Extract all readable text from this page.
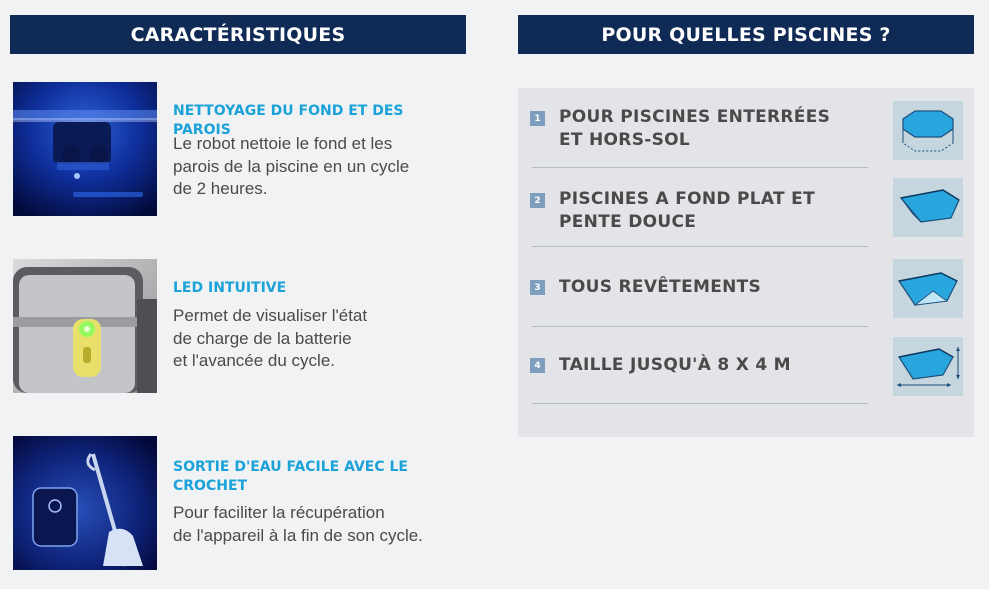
CARACTÉRISTIQUES	POUR QUELLES PISCINES ?
NETTOYAGE DU FOND ET DES PAROIS
Le robot nettoie le fond et les
parois de la piscine en un cycle
de 2 heures.
LED INTUITIVE
Permet de visualiser l'état
de charge de la batterie
et l'avancée du cycle.
SORTIE D'EAU FACILE AVEC LE CROCHET
Pour faciliter la récupération
de l'appareil à la fin de son cycle.
1 POUR PISCINES ENTERRÉES
ET HORS-SOL
2 PISCINES A FOND PLAT ET
PENTE DOUCE
3 TOUS REVÊTEMENTS
4 TAILLE JUSQU'À 8 X 4 M
